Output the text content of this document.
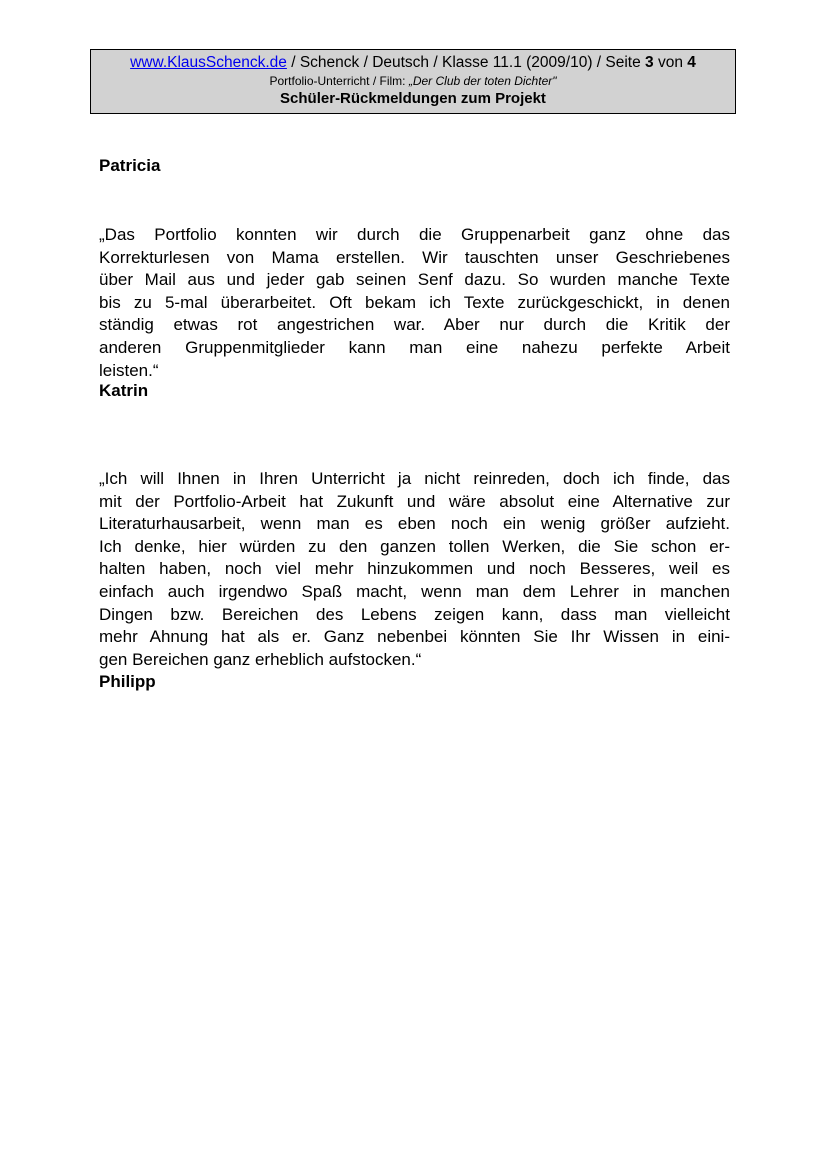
www.KlausSchenck.de / Schenck / Deutsch / Klasse 11.1 (2009/10) / Seite 3 von 4
Portfolio-Unterricht / Film: „Der Club der toten Dichter"
Schüler-Rückmeldungen zum Projekt
Patricia
„Das Portfolio konnten wir durch die Gruppenarbeit ganz ohne das
Korrekturlesen von Mama erstellen. Wir tauschten unser Geschriebenes
über Mail aus und jeder gab seinen Senf dazu. So wurden manche Texte
bis zu 5-mal überarbeitet. Oft bekam ich Texte zurückgeschickt, in denen
ständig etwas rot angestrichen war. Aber nur durch die Kritik der
anderen Gruppenmitglieder kann man eine nahezu perfekte Arbeit
leisten.“
Katrin
„Ich will Ihnen in Ihren Unterricht ja nicht reinreden, doch ich finde, das
mit der Portfolio-Arbeit hat Zukunft und wäre absolut eine Alternative zur
Literaturhausarbeit, wenn man es eben noch ein wenig größer aufzieht.
Ich denke, hier würden zu den ganzen tollen Werken, die Sie schon er-
halten haben, noch viel mehr hinzukommen und noch Besseres, weil es
einfach auch irgendwo Spaß macht, wenn man dem Lehrer in manchen
Dingen bzw. Bereichen des Lebens zeigen kann, dass man vielleicht
mehr Ahnung hat als er. Ganz nebenbei könnten Sie Ihr Wissen in eini-
gen Bereichen ganz erheblich aufstocken.“
Philipp
